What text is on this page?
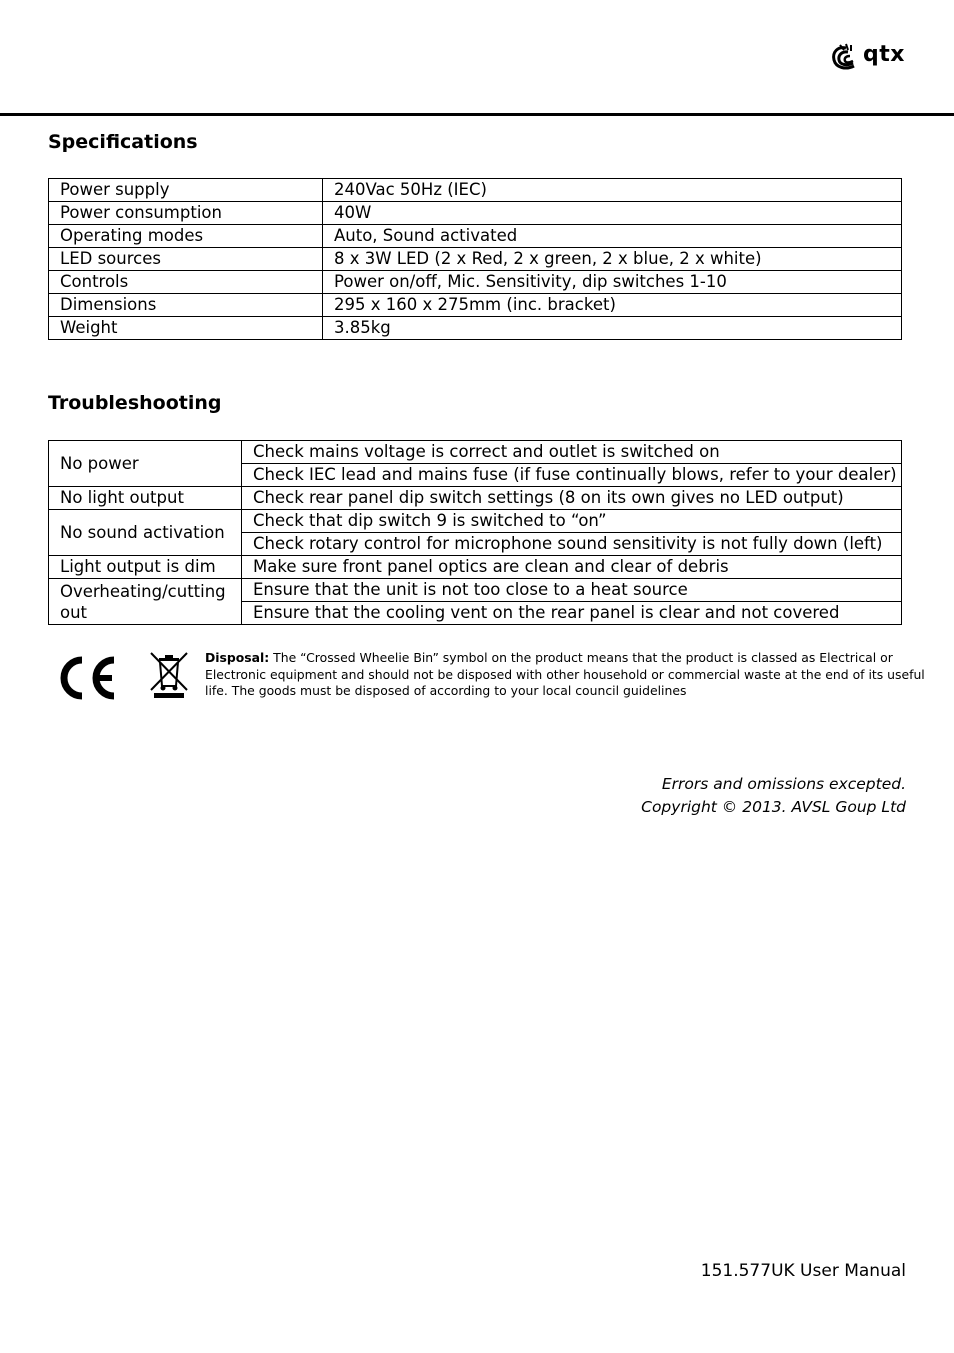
qtx
Specifications
Power supply	240Vac 50Hz (IEC)
Power consumption	40W
Operating modes	Auto, Sound activated
LED sources	8 x 3W LED (2 x Red, 2 x green, 2 x blue, 2 x white)
Controls	Power on/off, Mic. Sensitivity, dip switches 1-10
Dimensions	295 x 160 x 275mm (inc. bracket)
Weight	3.85kg
Troubleshooting
No power	Check mains voltage is correct and outlet is switched on
	Check IEC lead and mains fuse (if fuse continually blows, refer to your dealer)
No light output	Check rear panel dip switch settings (8 on its own gives no LED output)
No sound activation	Check that dip switch 9 is switched to “on”
	Check rotary control for microphone sound sensitivity is not fully down (left)
Light output is dim	Make sure front panel optics are clean and clear of debris
Overheating/cutting out	Ensure that the unit is not too close to a heat source
	Ensure that the cooling vent on the rear panel is clear and not covered
Disposal: The “Crossed Wheelie Bin” symbol on the product means that the product is classed as Electrical or Electronic equipment and should not be disposed with other household or commercial waste at the end of its useful life. The goods must be disposed of according to your local council guidelines
Errors and omissions excepted.
Copyright © 2013. AVSL Goup Ltd
151.577UK User Manual
